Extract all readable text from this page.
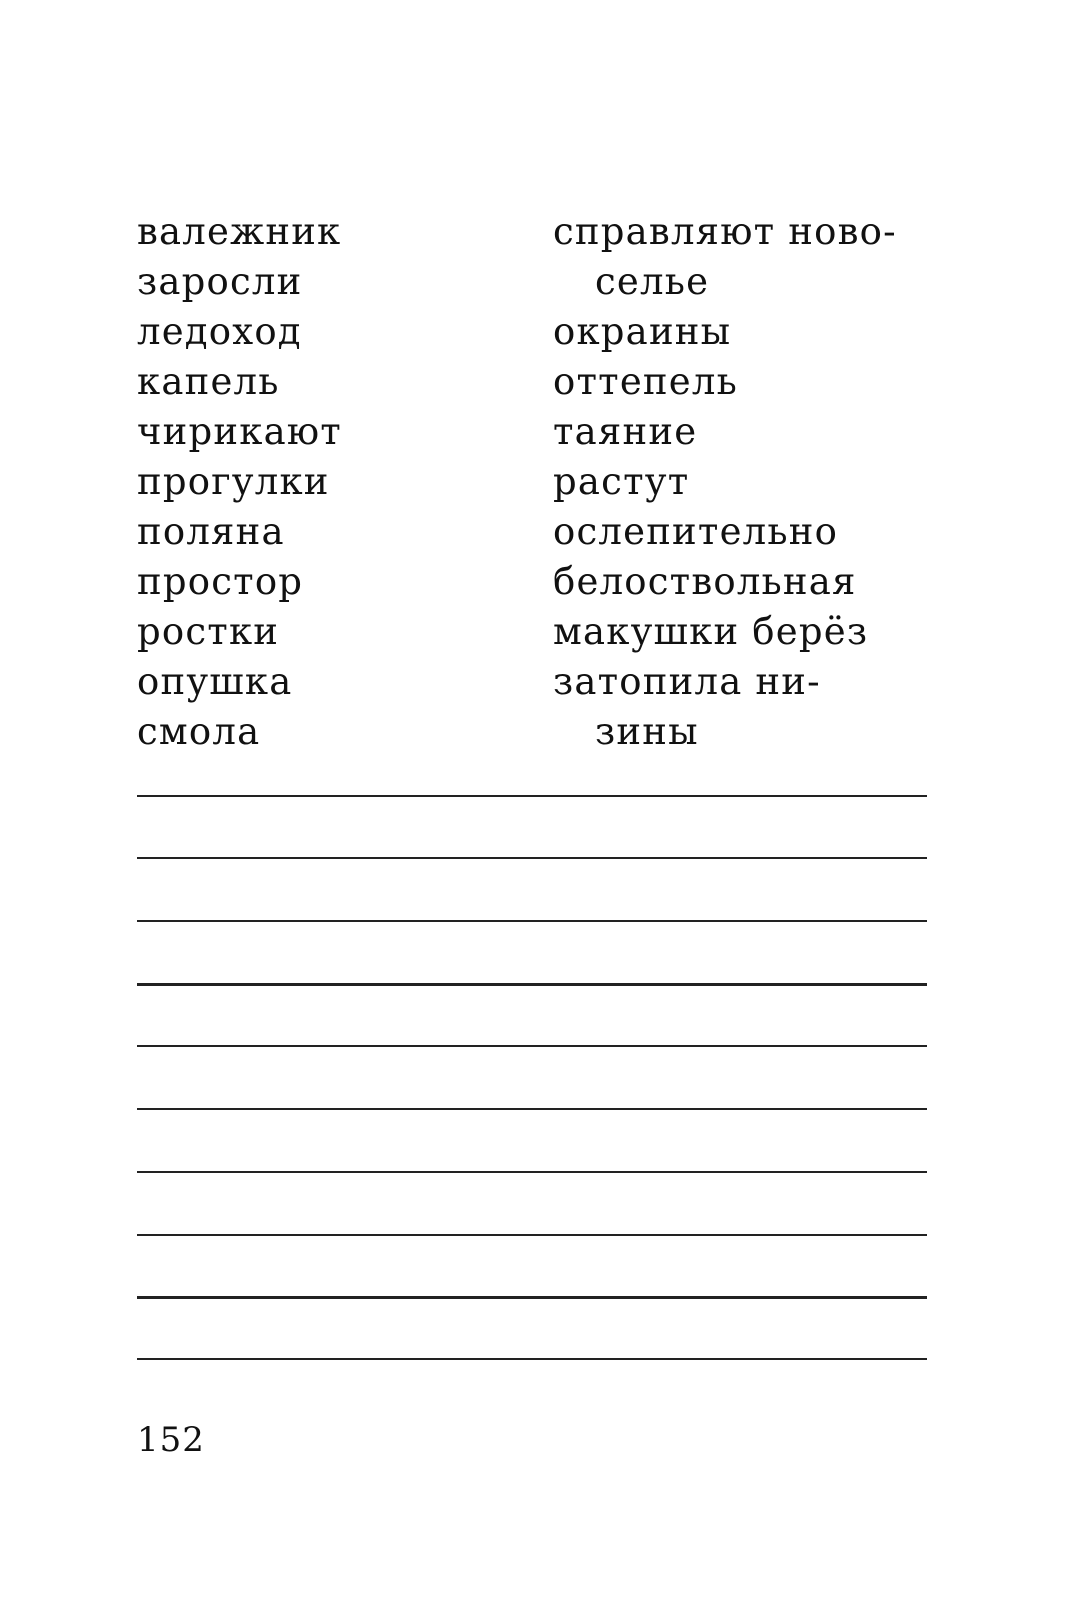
валежник
заросли
ледоход
капель
чирикают
прогулки
поляна
простор
ростки
опушка
смола
справляют ново-
селье
окраины
оттепель
таяние
растут
ослепительно
белоствольная
макушки берёз
затопила ни-
зины
152
